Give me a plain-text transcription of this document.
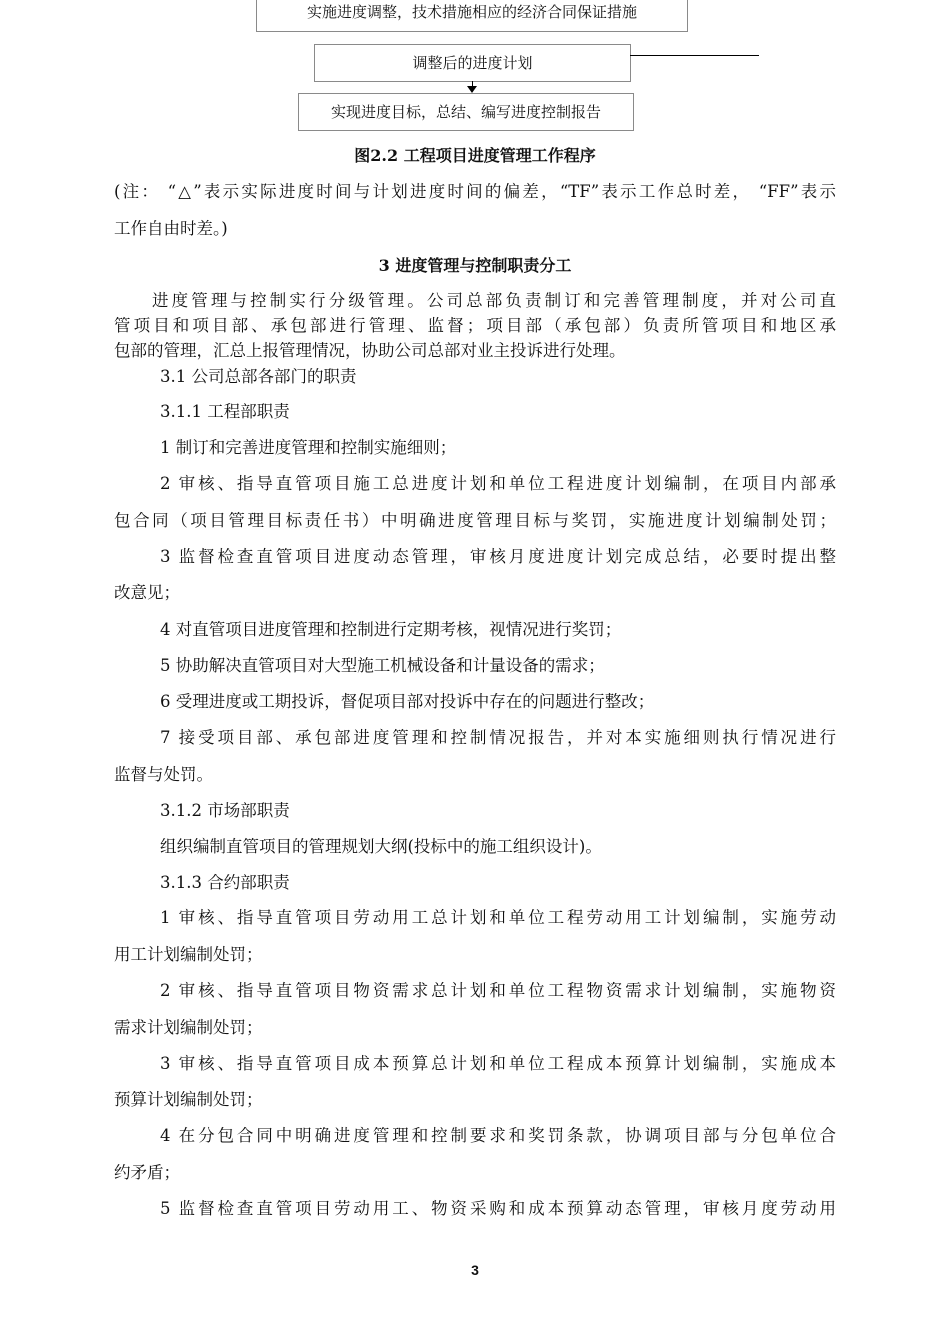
实施进度调整，技术措施相应的经济合同保证措施
调整后的进度计划
实现进度目标，总结、编写进度控制报告
图2.2 工程项目进度管理工作程序
(注： “△”表示实际进度时间与计划进度时间的偏差，“TF”表示工作总时差， “FF”表示
工作自由时差。)
3 进度管理与控制职责分工
进度管理与控制实行分级管理。公司总部负责制订和完善管理制度，并对公司直
管项目和项目部、承包部进行管理、监督；项目部（承包部）负责所管项目和地区承
包部的管理，汇总上报管理情况，协助公司总部对业主投诉进行处理。
3.1 公司总部各部门的职责
3.1.1 工程部职责
1 制订和完善进度管理和控制实施细则；
2 审核、指导直管项目施工总进度计划和单位工程进度计划编制，在项目内部承
包合同（项目管理目标责任书）中明确进度管理目标与奖罚，实施进度计划编制处罚；
3 监督检查直管项目进度动态管理，审核月度进度计划完成总结，必要时提出整
改意见；
4 对直管项目进度管理和控制进行定期考核，视情况进行奖罚；
5 协助解决直管项目对大型施工机械设备和计量设备的需求；
6 受理进度或工期投诉，督促项目部对投诉中存在的问题进行整改；
7 接受项目部、承包部进度管理和控制情况报告，并对本实施细则执行情况进行
监督与处罚。
3.1.2 市场部职责
组织编制直管项目的管理规划大纲(投标中的施工组织设计)。
3.1.3 合约部职责
1 审核、指导直管项目劳动用工总计划和单位工程劳动用工计划编制，实施劳动
用工计划编制处罚；
2 审核、指导直管项目物资需求总计划和单位工程物资需求计划编制，实施物资
需求计划编制处罚；
3 审核、指导直管项目成本预算总计划和单位工程成本预算计划编制，实施成本
预算计划编制处罚；
4 在分包合同中明确进度管理和控制要求和奖罚条款，协调项目部与分包单位合
约矛盾；
5 监督检查直管项目劳动用工、物资采购和成本预算动态管理，审核月度劳动用
3
